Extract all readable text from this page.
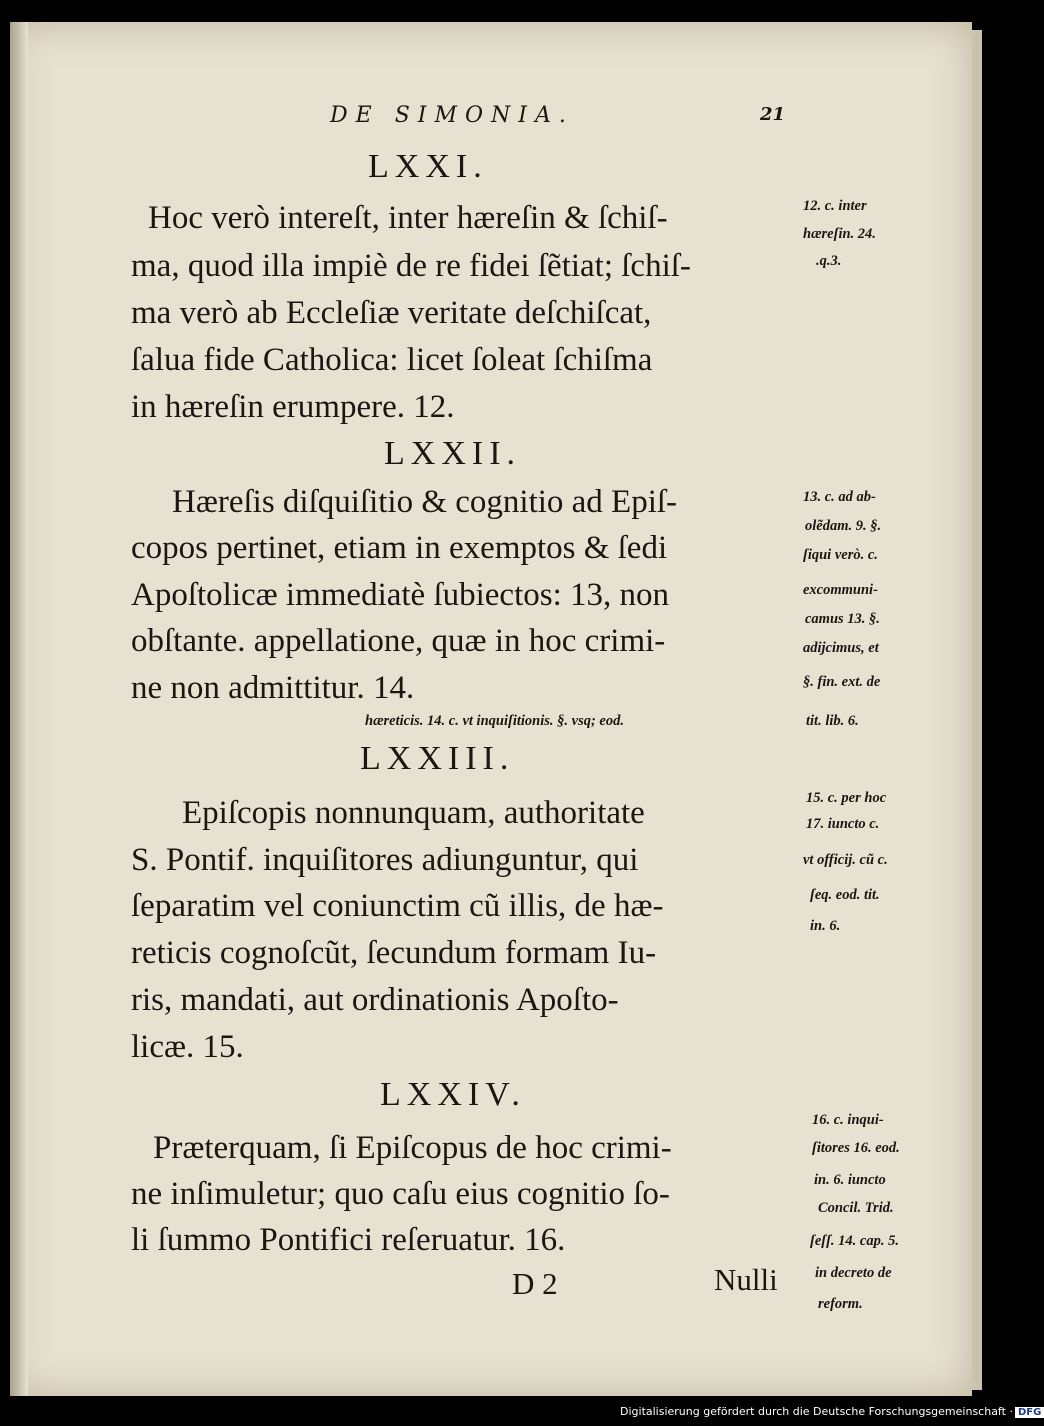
DE SIMONIA.	21
LXXI.
Hoc verò intereſt, inter hæreſin & ſchiſ-
ma, quod illa impiè de re fidei ſẽtiat; ſchiſ-
ma verò ab Eccleſiæ veritate deſchiſcat,
ſalua fide Catholica: licet ſoleat ſchiſma
in hæreſin erumpere. 12.
LXXII.
Hæreſis diſquiſitio & cognitio ad Epiſ-
copos pertinet, etiam in exemptos & ſedi
Apoſtolicæ immediatè ſubiectos: 13, non
obſtante. appellatione, quæ in hoc crimi-
ne non admittitur. 14.
hæreticis. 14. c. vt inquiſitionis. §. vsq; eod.
LXXIII.
Epiſcopis nonnunquam, authoritate
S. Pontif. inquiſitores adiunguntur, qui
ſeparatim vel coniunctim cũ illis, de hæ-
reticis cognoſcũt, ſecundum formam Iu-
ris, mandati, aut ordinationis Apoſto-
licæ. 15.
LXXIV.
Præterquam, ſi Epiſcopus de hoc crimi-
ne inſimuletur; quo caſu eius cognitio ſo-
li ſummo Pontifici reſeruatur. 16.
D 2	Nulli
12. c. inter
hæreſin. 24.
.q.3.
13. c. ad ab-
olẽdam. 9. §.
ſiqui verò. c.
excommuni-
camus 13. §.
adijcimus, et
§. fin. ext. de
tit. lib. 6.
15. c. per hoc
17. iuncto c.
vt officij. cũ c.
ſeq. eod. tit.
in. 6.
16. c. inqui-
ſitores 16. eod.
in. 6. iuncto
Concil. Trid.
ſeſſ. 14. cap. 5.
in decreto de
reform.
Digitalisierung gefördert durch die Deutsche Forschungsgemeinschaft · DFG
